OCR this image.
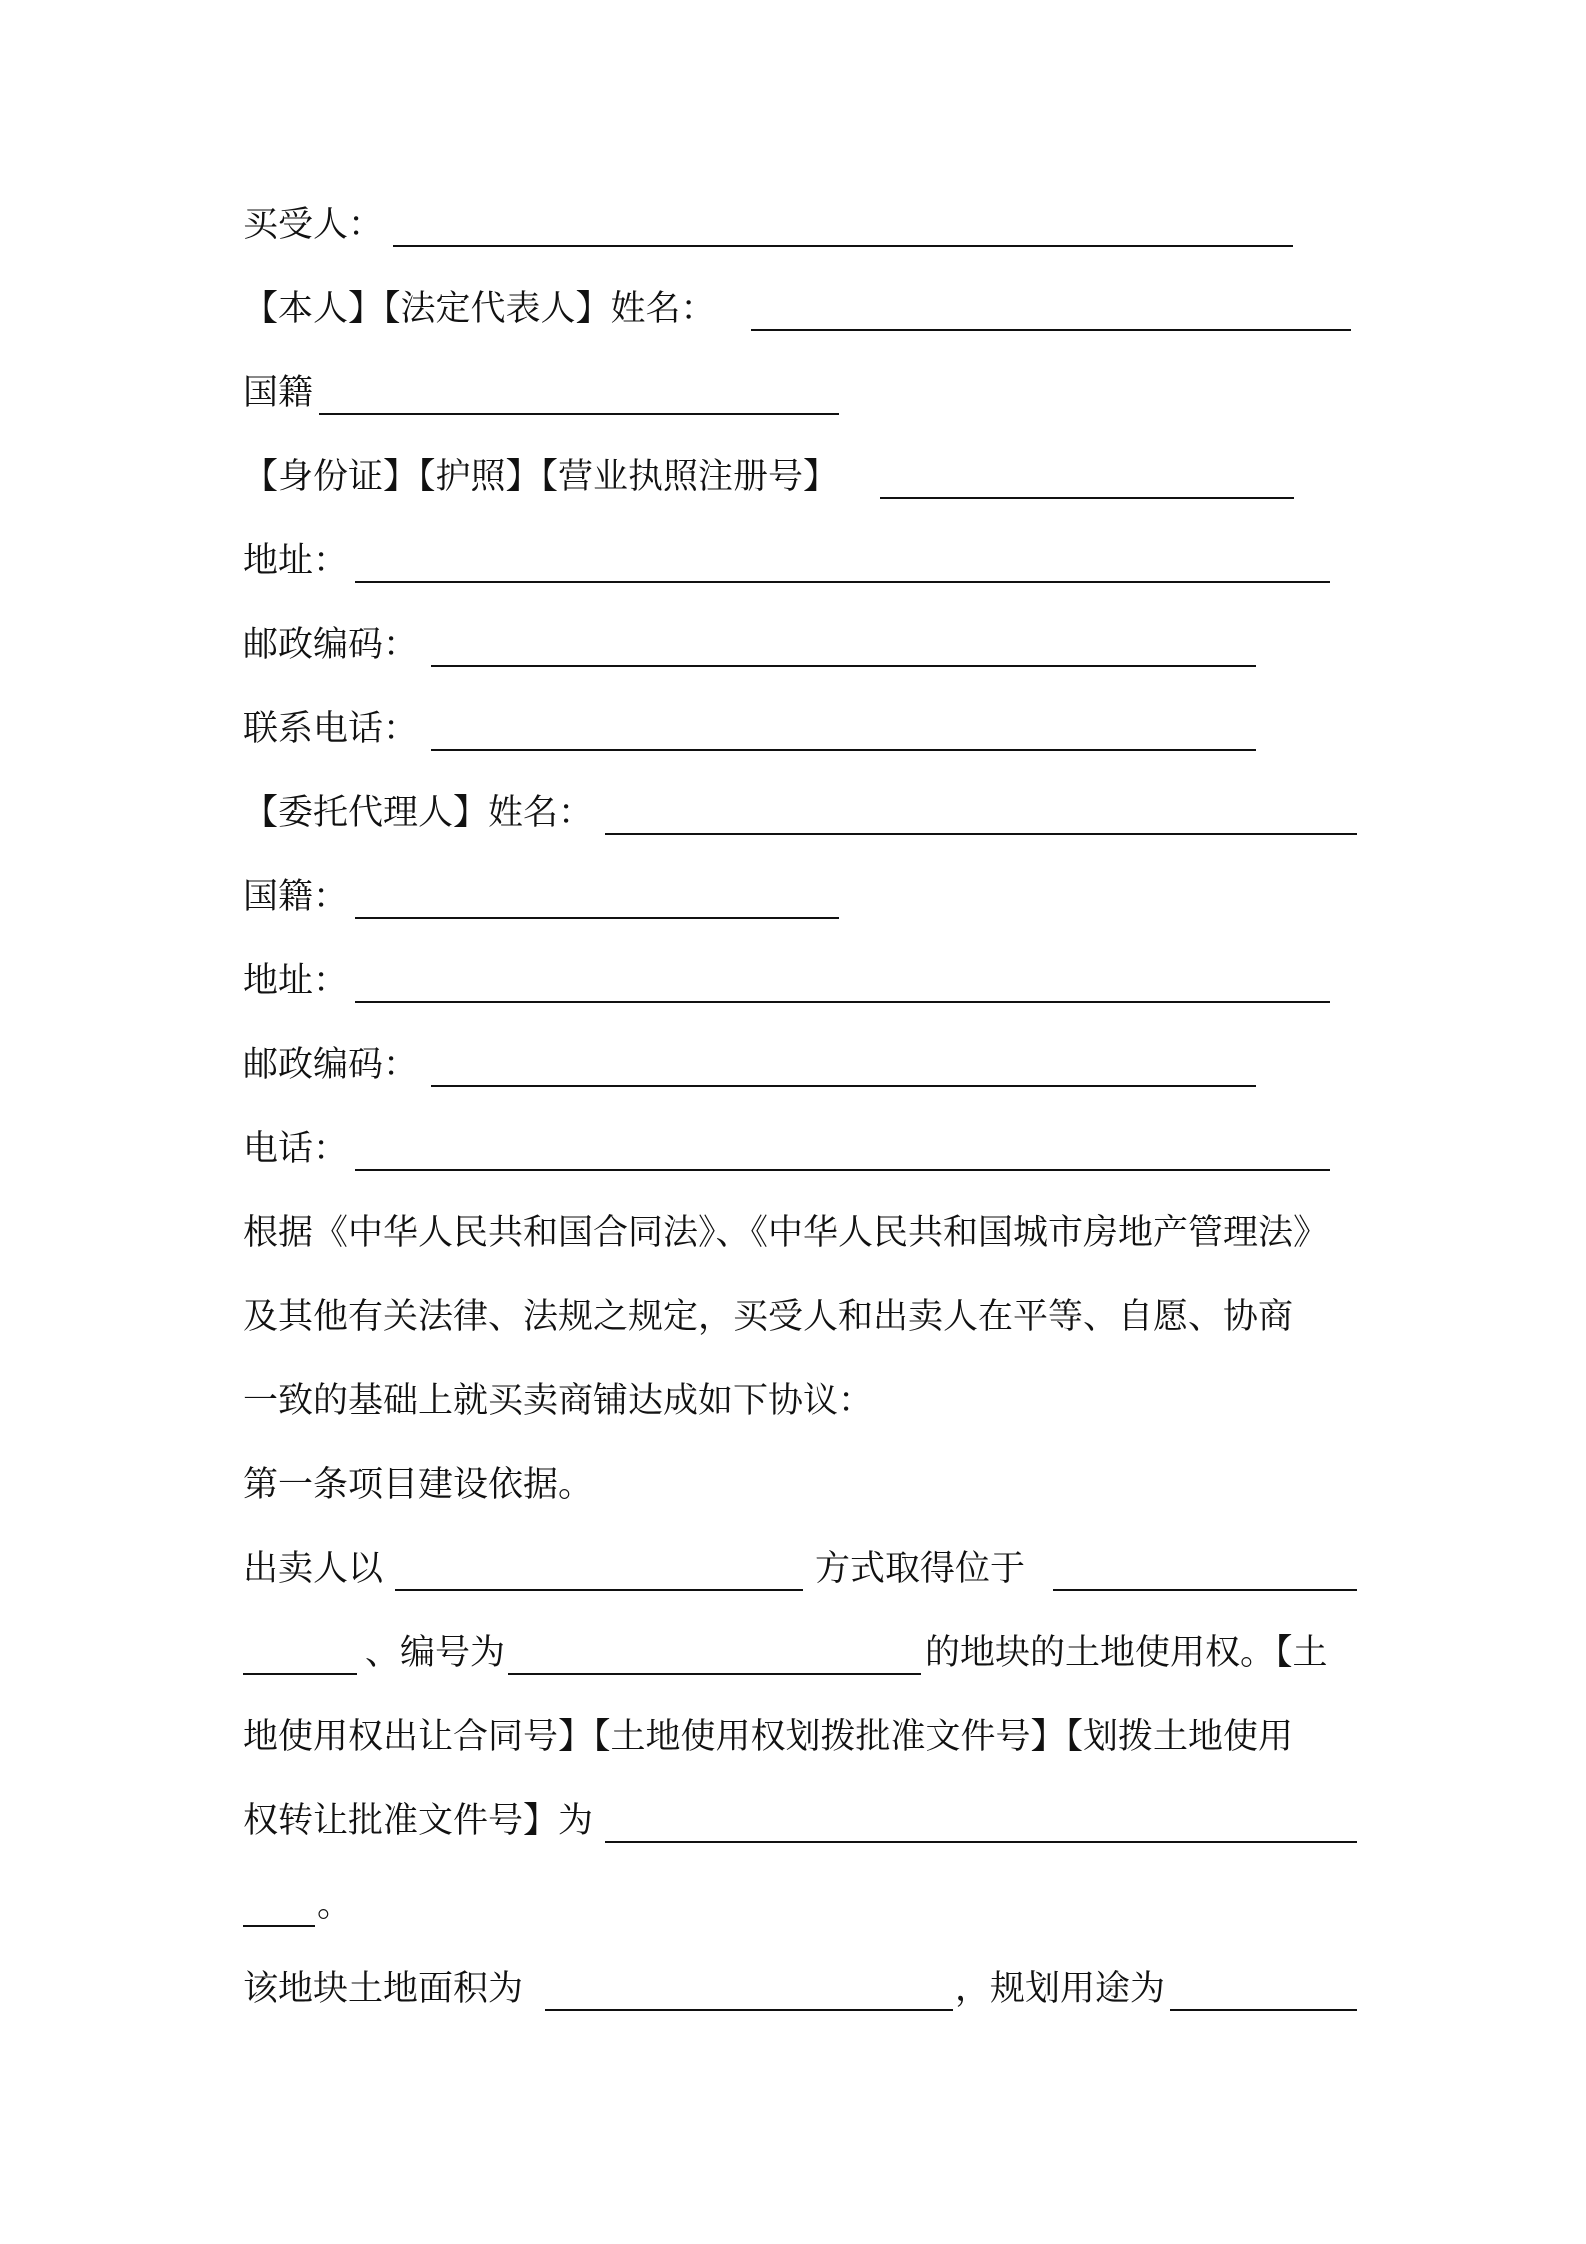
买受人：
【本人】【法定代表人】姓名：
国籍
【身份证】【护照】【营业执照注册号】
地址：
邮政编码：
联系电话：
【委托代理人】姓名：
国籍：
地址：
邮政编码：
电话：
根据《中华人民共和国合同法》、《中华人民共和国城市房地产管理法》
及其他有关法律、法规之规定，买受人和出卖人在平等、自愿、协商
一致的基础上就买卖商铺达成如下协议：
第一条项目建设依据。
出卖人以	方式取得位于
、编号为	的地块的土地使用权。【土
地使用权出让合同号】【土地使用权划拨批准文件号】【划拨土地使用
权转让批准文件号】为
。
该地块土地面积为	，规划用途为
